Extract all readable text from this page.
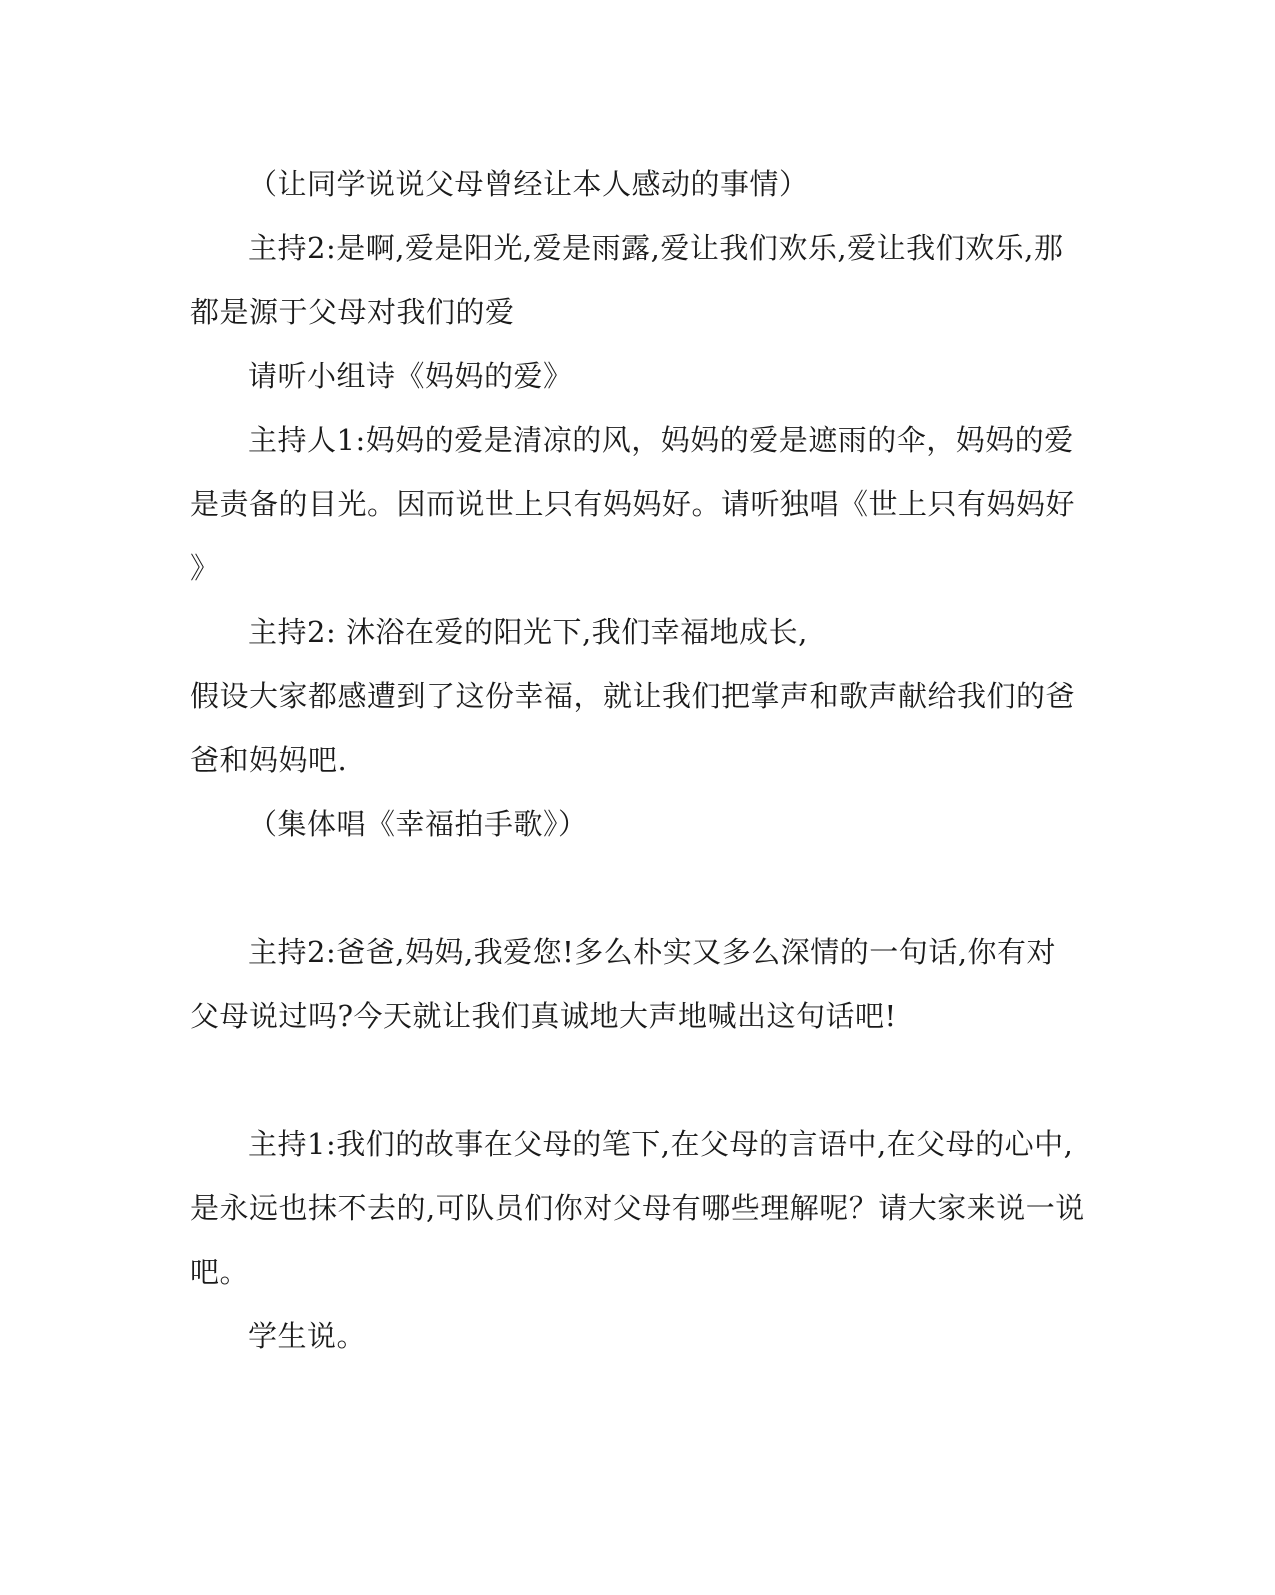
（让同学说说父母曾经让本人感动的事情）
主持2:是啊,爱是阳光,爱是雨露,爱让我们欢乐,爱让我们欢乐,那
都是源于父母对我们的爱
请听小组诗《妈妈的爱》
主持人1:妈妈的爱是清凉的风，妈妈的爱是遮雨的伞，妈妈的爱
是责备的目光。因而说世上只有妈妈好。请听独唱《世上只有妈妈好
》
主持2: 沐浴在爱的阳光下,我们幸福地成长,
假设大家都感遭到了这份幸福，就让我们把掌声和歌声献给我们的爸
爸和妈妈吧.
（集体唱《幸福拍手歌》）
主持2:爸爸,妈妈,我爱您!多么朴实又多么深情的一句话,你有对
父母说过吗?今天就让我们真诚地大声地喊出这句话吧!
主持1:我们的故事在父母的笔下,在父母的言语中,在父母的心中,
是永远也抹不去的,可队员们你对父母有哪些理解呢？请大家来说一说
吧。
学生说。
